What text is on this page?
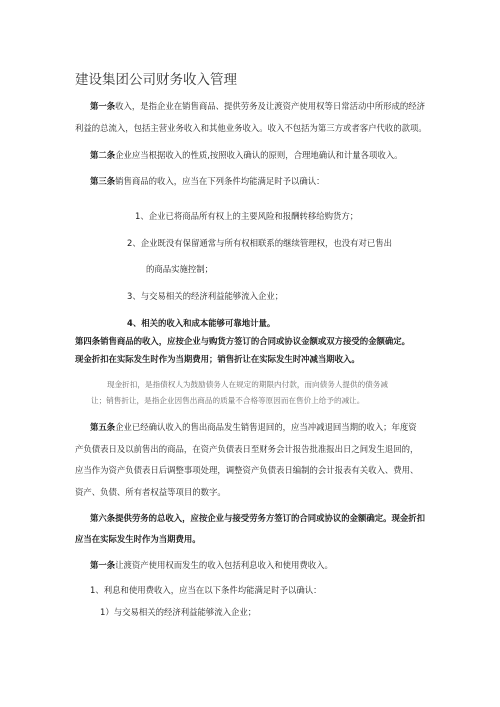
建设集团公司财务收入管理
第一条收入，是指企业在销售商品、提供劳务及让渡资产使用权等日常活动中所形成的经济
利益的总流入，包括主营业务收入和其他业务收入。收入不包括为第三方或者客户代收的款项。
第二条企业应当根据收入的性质,按照收入确认的原则，合理地确认和计量各项收入。
第三条销售商品的收入，应当在下列条件均能满足时予以确认：
1、企业已将商品所有权上的主要风险和报酬转移给购货方；
2、企业既没有保留通常与所有权相联系的继续管理权，也没有对已售出
的商品实施控制；
3、与交易相关的经济利益能够流入企业；
4、相关的收入和成本能够可靠地计量。
第四条销售商品的收入，应按企业与购货方签订的合同或协议金额或双方接受的金额确定。
现金折扣在实际发生时作为当期费用；销售折让在实际发生时冲减当期收入。
现金折扣，是指债权人为鼓励债务人在规定的期限内付款，而向债务人提供的债务减
让；销售折让，是指企业因售出商品的质量不合格等原因而在售价上给予的减让。
第五条企业已经确认收入的售出商品发生销售退回的，应当冲减退回当期的收入；年度资
产负债表日及以前售出的商品，在资产负债表日至财务会计报告批准报出日之间发生退回的，
应当作为资产负债表日后调整事项处理，调整资产负债表日编制的会计报表有关收入、费用、
资产、负债、所有者权益等项目的数字。
第六条提供劳务的总收入，应按企业与接受劳务方签订的合同或协议的金额确定。现金折扣
应当在实际发生时作为当期费用。
第一条让渡资产使用权而发生的收入包括利息收入和使用费收入。
1、利息和使用费收入，应当在以下条件均能满足时予以确认：
1）与交易相关的经济利益能够流入企业；
